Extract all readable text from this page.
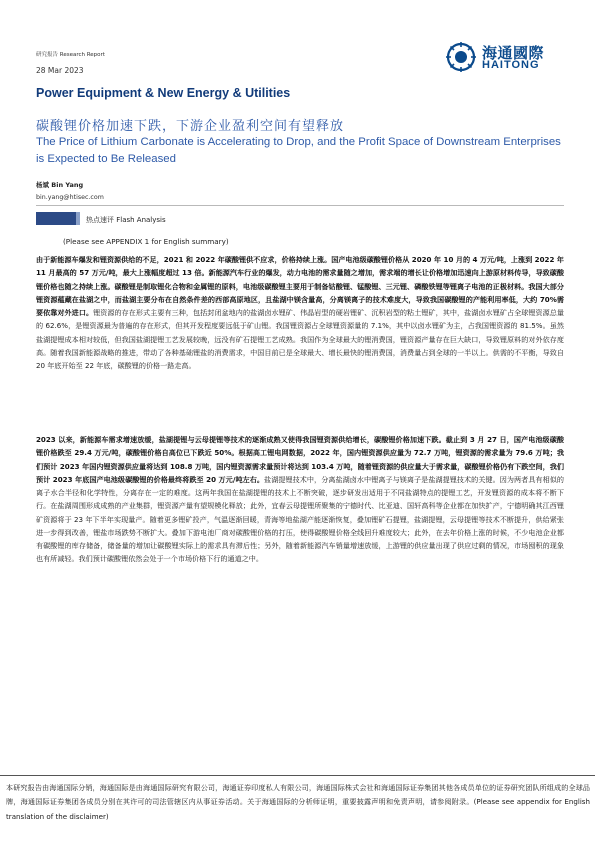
研究报告 Research Report
28 Mar 2023
海通國際
HAITONG
Power Equipment & New Energy & Utilities
碳酸锂价格加速下跌，下游企业盈利空间有望释放
The Price of Lithium Carbonate is Accelerating to Drop, and the Profit Space of Downstream Enterprises is Expected to Be Released
杨斌 Bin Yang
bin.yang@htisec.com
热点速评 Flash Analysis
(Please see APPENDIX 1 for English summary)
由于新能源车爆发和锂资源供给的不足，2021 和 2022 年碳酸锂供不应求，价格持续上涨。国产电池级碳酸锂价格从 2020 年 10 月的 4 万元/吨，上涨到 2022 年 11 月最高的 57 万元/吨，最大上涨幅度超过 13 倍。新能源汽车行业的爆发，动力电池的需求量随之增加，需求端的增长让价格增加迅速向上游原材料传导，导致碳酸锂价格也随之持续上涨。碳酸锂是制取锂化合物和金属锂的原料，电池级碳酸锂主要用于制备钴酸锂、锰酸锂、三元锂、磷酸铁锂等锂离子电池的正极材料。我国大部分锂资源蕴藏在盐湖之中，而盐湖主要分布在自然条件差的西部高原地区，且盐湖中镁含量高，分离镁离子的技术难度大，导致我国碳酸锂的产能利用率低，大约 70%需要依靠对外进口。锂资源的存在形式主要有三种，包括封闭盆地内的盐湖卤水锂矿、伟晶岩型的硬岩锂矿、沉积岩型的粘土锂矿，其中，盐湖卤水锂矿占全球锂资源总量的 62.6%，是锂资源最为普遍的存在形式，但其开发程度要远低于矿山锂。我国锂资源占全球锂资源量的 7.1%，其中以卤水锂矿为主，占我国锂资源的 81.5%。虽然盐湖提锂成本相对较低，但我国盐湖提锂工艺发展较晚，远没有矿石提锂工艺成熟。我国作为全球最大的锂消费国，锂资源产量存在巨大缺口，导致锂原料的对外依存度高。随着我国新能源战略的推进，带动了各种基础锂盐的消费需求，中国目前已是全球最大、增长最快的锂消费国，消费量占到全球的一半以上。供需的不平衡，导致自 20 年底开始至 22 年底，碳酸锂的价格一路走高。
2023 以来，新能源车需求增速放缓，盐湖提锂与云母提锂等技术的逐渐成熟又使得我国锂资源供给增长，碳酸锂价格加速下跌。截止到 3 月 27 日，国产电池级碳酸锂价格跌至 29.4 万元/吨，碳酸锂价格自高位已下跌近 50%。根据高工锂电网数据，2022 年，国内锂资源供应量为 72.7 万吨，锂资源的需求量为 79.6 万吨；我们预计 2023 年国内锂资源供应量将达到 108.8 万吨，国内锂资源需求量预计将达到 103.4 万吨，随着锂资源的供应量大于需求量，碳酸锂价格仍有下跌空间，我们预计 2023 年底国产电池级碳酸锂的价格最终将跌至 20 万元/吨左右。盐湖提锂技术中，分离盐湖卤水中锂离子与镁离子是盐湖提锂技术的关键。因为两者具有相似的离子水合半径和化学特性，分离存在一定的难度。这两年我国在盐湖提锂的技术上不断突破，逐步研发出适用于不同盐湖特点的提锂工艺，开发锂资源的成本将不断下行。在盐湖周围形成成熟的产业集群，锂资源产量有望规模化释放；此外，宜春云母提锂所聚集的宁德时代、比亚迪、国轩高科等企业都在加快扩产，宁德明确其江西锂矿资源将于 23 年下半年实现量产。随着更多锂矿投产，气温逐渐回暖，青海等地盐湖产能逐渐恢复，叠加锂矿石提锂，盐湖提锂，云母提锂等技术不断提升，供给紧张进一步得到改善，锂盐市场跌势不断扩大。叠加下游电池厂商对碳酸锂价格的打压，使得碳酸锂价格全线回升难度较大；此外，在去年价格上涨的时候，不少电池企业都有碳酸锂的库存储备，储备量的增加让碳酸锂实际上的需求具有滞后性；另外，随着新能源汽车销量增速放缓，上游锂的供应量出现了供应过剩的情况，市场囤积的现象也有所减轻。我们预计碳酸锂依然会处于一个市场价格下行的通道之中。
本研究报告由海通国际分销，海通国际是由海通国际研究有限公司，海通证券印度私人有限公司，海通国际株式会社和海通国际证券集团其他各成员单位的证券研究团队所组成的全球品牌，海通国际证券集团各成员分别在其许可的司法管辖区内从事证券活动。关于海通国际的分析师证明，重要披露声明和免责声明，请参阅附录。(Please see appendix for English translation of the disclaimer)
